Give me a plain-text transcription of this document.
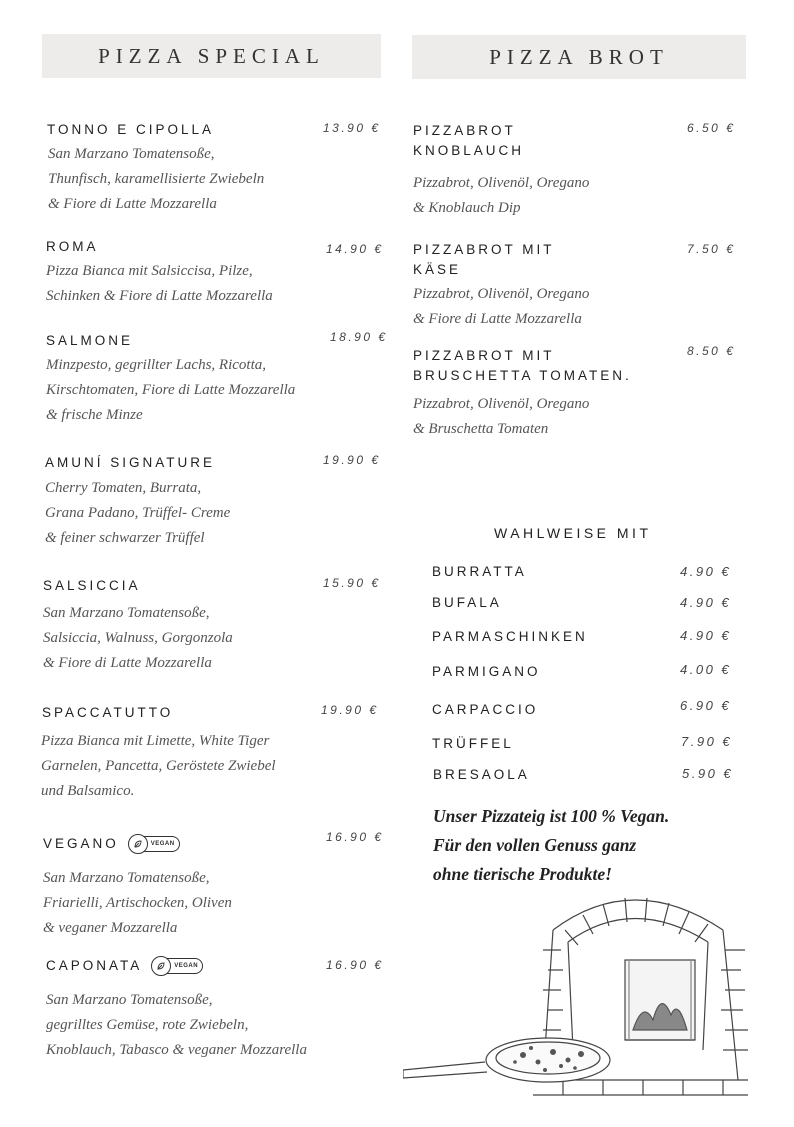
PIZZA SPECIAL	PIZZA BROT
TONNO E CIPOLLA	13.90 €
San Marzano Tomatensoße,
Thunfisch, karamellisierte Zwiebeln
& Fiore di Latte Mozzarella
ROMA	14.90 €
Pizza Bianca mit Salsiccisa, Pilze,
Schinken & Fiore di Latte Mozzarella
SALMONE	18.90 €
Minzpesto, gegrillter Lachs, Ricotta,
Kirschtomaten, Fiore di Latte Mozzarella
& frische Minze
AMUNÍ SIGNATURE	19.90 €
Cherry Tomaten, Burrata,
Grana Padano, Trüffel- Creme
& feiner schwarzer Trüffel
SALSICCIA	15.90 €
San Marzano Tomatensoße,
Salsiccia, Walnuss, Gorgonzola
& Fiore di Latte Mozzarella
SPACCATUTTO	19.90 €
Pizza Bianca mit Limette, White Tiger
Garnelen, Pancetta, Geröstete Zwiebel
und Balsamico.
VEGANO	VEGAN	16.90 €
San Marzano Tomatensoße,
Friarielli, Artischocken, Oliven
& veganer Mozzarella
CAPONATA	VEGAN	16.90 €
San Marzano Tomatensoße,
gegrilltes Gemüse, rote Zwiebeln,
Knoblauch, Tabasco & veganer Mozzarella
PIZZABROT
KNOBLAUCH
6.50 €
Pizzabrot, Olivenöl, Oregano
& Knoblauch Dip
PIZZABROT MIT
KÄSE
7.50 €
Pizzabrot, Olivenöl, Oregano
& Fiore di Latte Mozzarella
PIZZABROT MIT
BRUSCHETTA TOMATEN.
8.50 €
Pizzabrot, Olivenöl, Oregano
& Bruschetta Tomaten
WAHLWEISE MIT
BURRATTA	4.90 €
BUFALA	4.90 €
PARMASCHINKEN	4.90 €
PARMIGANO	4.00 €
CARPACCIO	6.90 €
TRÜFFEL	7.90 €
BRESAOLA	5.90 €
Unser Pizzateig ist 100 % Vegan.
Für den vollen Genuss ganz
ohne tierische Produkte!
